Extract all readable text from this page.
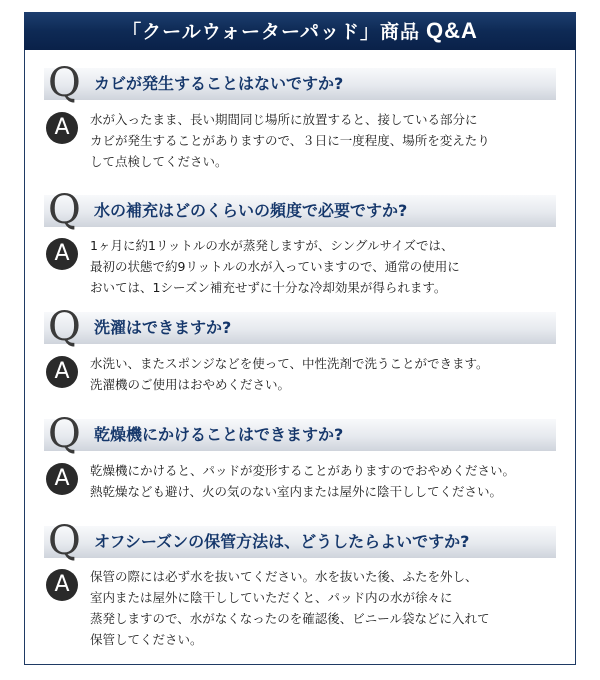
「クールウォーターパッド」商品 Q&A
Q カビが発生することはないですか?
A	水が入ったまま、長い期間同じ場所に放置すると、接している部分に
カビが発生することがありますので、３日に一度程度、場所を変えたり
して点検してください。
Q 水の補充はどのくらいの頻度で必要ですか?
A	1ヶ月に約1リットルの水が蒸発しますが、シングルサイズでは、
最初の状態で約9リットルの水が入っていますので、通常の使用に
おいては、1シーズン補充せずに十分な冷却効果が得られます。
Q 洗濯はできますか?
A	水洗い、またスポンジなどを使って、中性洗剤で洗うことができます。
洗濯機のご使用はおやめください。
Q 乾燥機にかけることはできますか?
A	乾燥機にかけると、パッドが変形することがありますのでおやめください。
熱乾燥なども避け、火の気のない室内または屋外に陰干ししてください。
Q オフシーズンの保管方法は、どうしたらよいですか?
A	保管の際には必ず水を抜いてください。水を抜いた後、ふたを外し、
室内または屋外に陰干ししていただくと、パッド内の水が徐々に
蒸発しますので、水がなくなったのを確認後、ビニール袋などに入れて
保管してください。
